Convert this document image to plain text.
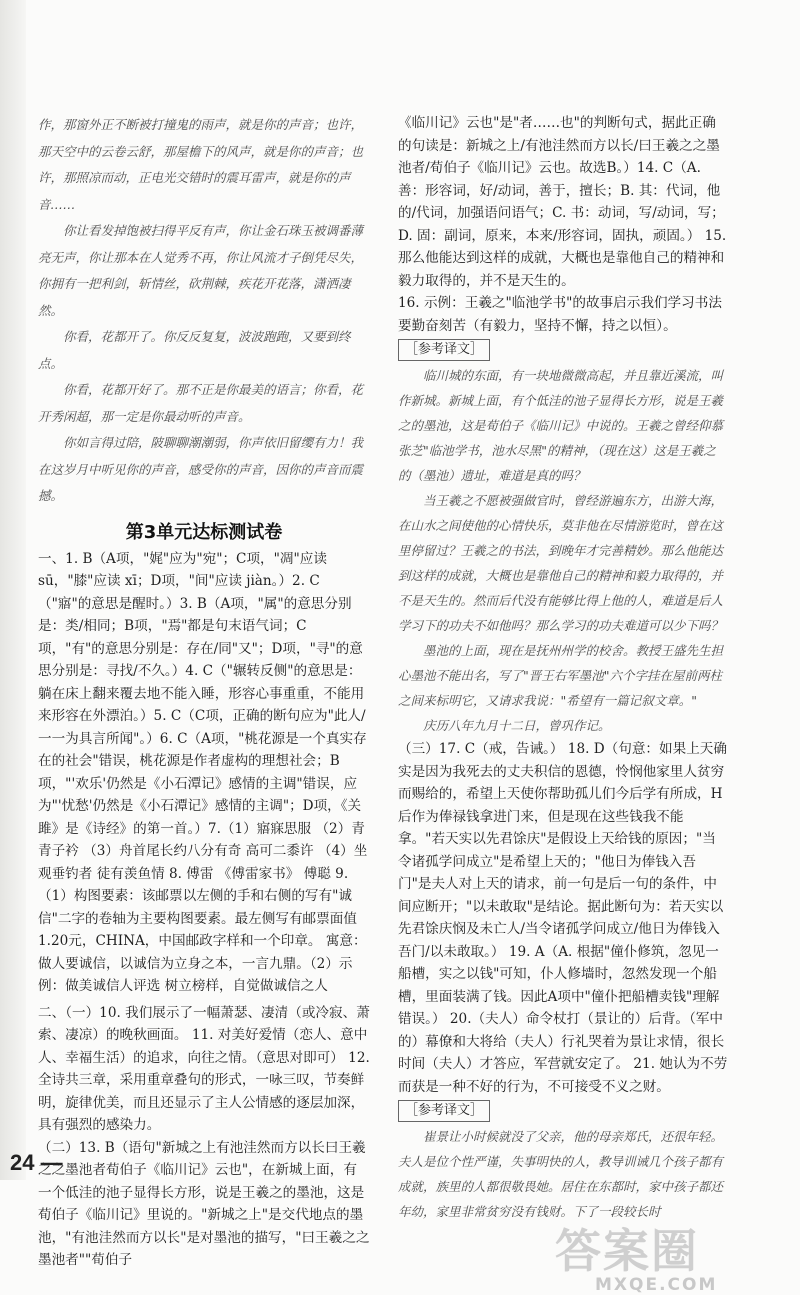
作，那窗外正不断被打撞鬼的雨声，就是你的声音；也许，那天空中的云卷云舒，那屋檐下的风声，就是你的声音；也许，那照凉而动，正电光交错时的震耳雷声，就是你的声音……

你让看发掉饱被扫得平反有声，你让金石珠玉被调番薄亮无声，你让那本在人觉秀不再，你让风流才子倒凭尽失，你拥有一把利剑，斩情丝，砍荆棘，疾花开花落，潇洒凄然。

你看，花都开了。你反反复复，波波跑跑，又要到终点。

你看，花都开好了。那不正是你最美的语言；你看，花开秀闲超，那一定是你最动听的声音。

你如言得过陪，陂聊聊潮潮弱，你声依旧留缨有力！我在这岁月中听见你的声音，感受你的声音，因你的声音而震撼。

第3单元达标测试卷

一、1. B（A项，"娓"应为"宛"；C项，"凋"应读 sū，"膝"应读 xī；D项，"间"应读 jiàn。）2. C（"寤"的意思是醒时。）3. B（A项，"属"的意思分别是：类/相同；B项，"焉"都是句末语气词；C项，"有"的意思分别是：存在/同"又"；D项，"寻"的意思分别是：寻找/不久。）4. C（"辗转反侧"的意思是：躺在床上翻来覆去地不能入睡，形容心事重重，不能用来形容在外漂泊。）5. C（C项，正确的断句应为"此人/一一为具言所闻"。）6. C（A项，"桃花源是一个真实存在的社会"错误，桃花源是作者虚构的理想社会；B项，"'欢乐'仍然是《小石潭记》感情的主调"错误，应为"'忧愁'仍然是《小石潭记》感情的主调"；D项，《关雎》是《诗经》的第一首。）7.（1）寤寐思服 （2）青青子衿 （3）舟首尾长约八分有奇 高可二黍许 （4）坐观垂钓者 徒有羡鱼情 8. 傅雷 《傅雷家书》 傅聪 9.（1）构图要素：该邮票以左侧的手和右侧的写有"诚信"二字的卷轴为主要构图要素。最左侧写有邮票面值1.20元，CHINA，中国邮政字样和一个印章。 寓意：做人要诚信，以诚信为立身之本，一言九鼎。（2）示例：做美诚信人评选 树立榜样，自觉做诚信之人

二、（一）10. 我们展示了一幅萧瑟、凄清（或冷寂、萧索、凄凉）的晚秋画面。 11. 对美好爱情（恋人、意中人、幸福生活）的追求，向往之情。（意思对即可） 12. 全诗共三章，采用重章叠句的形式，一咏三叹，节奏鲜明，旋律优美，而且还显示了主人公情感的逐层加深，具有强烈的感染力。

（二）13. B（语句"新城之上有池洼然而方以长曰王羲之之墨池者荀伯子《临川记》云也"，在新城上面，有一个低洼的池子显得长方形，说是王羲之的墨池，这是荀伯子《临川记》里说的。"新城之上"是交代地点的墨池，"有池洼然而方以长"是对墨池的描写，"曰王羲之之墨池者""荀伯子

《临川记》云也"是"者……也"的判断句式，据此正确的句读是：新城之上/有池洼然而方以长/曰王羲之之墨池者/荀伯子《临川记》云也。故选B。）14. C（A. 善：形容词，好/动词，善于，擅长；B. 其：代词，他的/代词，加强语问语气；C. 书：动词，写/动词，写；D. 固：副词，原来，本来/形容词，固执，顽固。） 15. 那么他能达到这样的成就，大概也是靠他自己的精神和毅力取得的，并不是天生的。

16. 示例：王羲之"临池学书"的故事启示我们学习书法要勤奋刻苦（有毅力，坚持不懈，持之以恒）。

［参考译文］

临川城的东面，有一块地微微高起，并且靠近溪流，叫作新城。新城上面，有个低洼的池子显得长方形，说是王羲之的墨池，这是荀伯子《临川记》中说的。王羲之曾经仰慕张芝"临池学书，池水尽黑"的精神，（现在这）这是王羲之的（墨池）遗址，难道是真的吗？

当王羲之不愿被强做官时，曾经游遍东方，出游大海，在山水之间使他的心情快乐，莫非他在尽情游览时，曾在这里停留过？王羲之的书法，到晚年才完善精妙。那么他能达到这样的成就，大概也是靠他自己的精神和毅力取得的，并不是天生的。然而后代没有能够比得上他的人，难道是后人学习下的功夫不如他吗？那么学习的功夫难道可以少下吗？

墨池的上面，现在是抚州州学的校舍。教授王盛先生担心墨池不能出名，写了"晋王右军墨池"六个字挂在屋前两柱之间来标明它，又请求我说："希望有一篇记叙文章。"

庆历八年九月十二日，曾巩作记。

（三）17. C（戒，告诫。） 18. D（句意：如果上天确实是因为我死去的丈夫积信的恩德，怜悯他家里人贫穷而赐给的，希望上天使你帮助孤儿们今后学有所成，H后作为俸禄钱拿进门来，但是现在这些钱我不能拿。"若天实以先君馀庆"是假设上天给钱的原因；"当令诸孤学问成立"是希望上天的；"他日为俸钱入吾门"是夫人对上天的请求，前一句是后一句的条件，中间应断开；"以未敢取"是结论。据此断句为：若天实以先君馀庆悯及未亡人/当令诸孤学问成立/他日为俸钱入吾门/以未敢取。） 19. A（A. 根据"僮仆修筑，忽见一船槽，实之以钱"可知，仆人修墙时，忽然发现一个船槽，里面装满了钱。因此A项中"僮仆把船槽卖钱"理解错误。） 20.（夫人）命令杖打（景让的）后背。（军中的）幕僚和大将给（夫人）行礼哭着为景让求情，很长时间（夫人）才答应，军营就安定了。 21. 她认为不劳而获是一种不好的行为，不可接受不义之财。

［参考译文］

崔景让小时候就没了父亲，他的母亲郑氏，还很年轻。夫人是位个性严谨，失事明快的人，教导训诫几个孩子都有成就，族里的人都很敬畏她。居住在东都时，家中孩子都还年幼，家里非常贫穷没有钱财。下了一段较长时

24 —
答案圈
MXQE.COM
